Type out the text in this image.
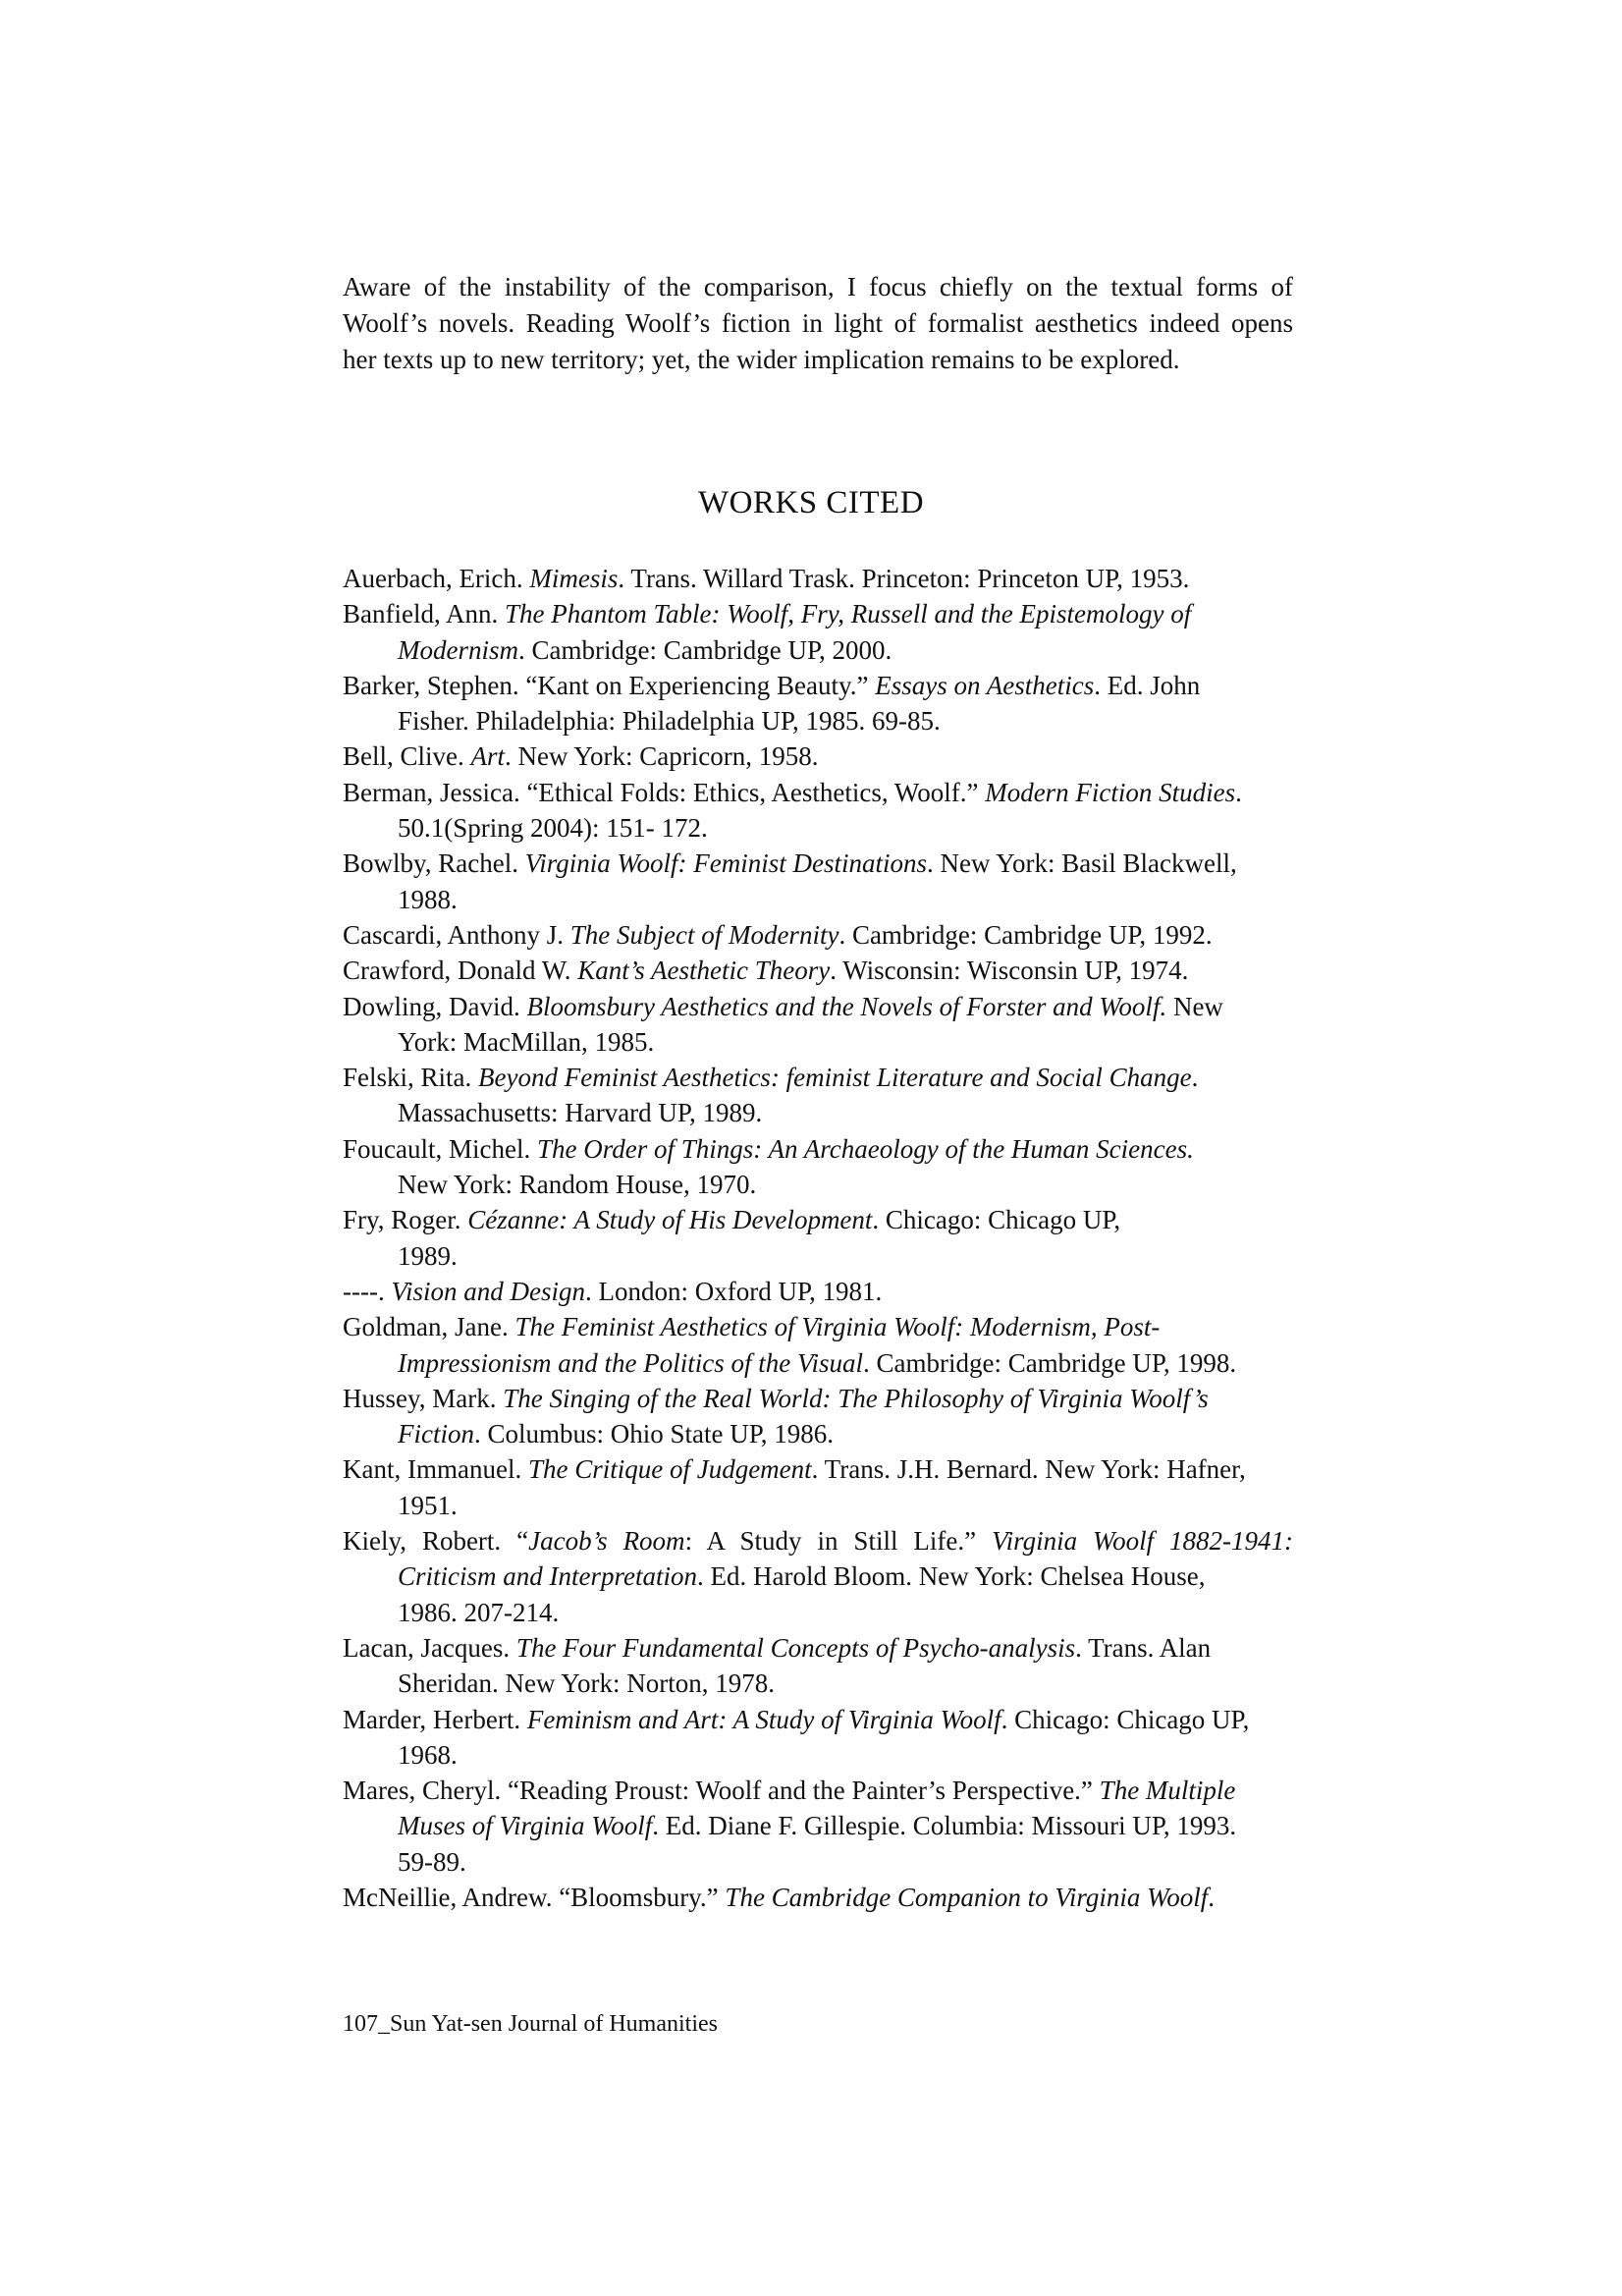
Aware of the instability of the comparison, I focus chiefly on the textual forms of
Woolf’s novels. Reading Woolf’s fiction in light of formalist aesthetics indeed opens
her texts up to new territory; yet, the wider implication remains to be explored.
WORKS CITED
Auerbach, Erich. Mimesis. Trans. Willard Trask. Princeton: Princeton UP, 1953.
Banfield, Ann. The Phantom Table: Woolf, Fry, Russell and the Epistemology of
Modernism. Cambridge: Cambridge UP, 2000.
Barker, Stephen. “Kant on Experiencing Beauty.” Essays on Aesthetics. Ed. John
Fisher. Philadelphia: Philadelphia UP, 1985. 69-85.
Bell, Clive. Art. New York: Capricorn, 1958.
Berman, Jessica. “Ethical Folds: Ethics, Aesthetics, Woolf.” Modern Fiction Studies.
50.1(Spring 2004): 151- 172.
Bowlby, Rachel. Virginia Woolf: Feminist Destinations. New York: Basil Blackwell,
1988.
Cascardi, Anthony J. The Subject of Modernity. Cambridge: Cambridge UP, 1992.
Crawford, Donald W. Kant’s Aesthetic Theory. Wisconsin: Wisconsin UP, 1974.
Dowling, David. Bloomsbury Aesthetics and the Novels of Forster and Woolf. New
York: MacMillan, 1985.
Felski, Rita. Beyond Feminist Aesthetics: feminist Literature and Social Change.
Massachusetts: Harvard UP, 1989.
Foucault, Michel. The Order of Things: An Archaeology of the Human Sciences.
New York: Random House, 1970.
Fry, Roger. Cézanne: A Study of His Development. Chicago: Chicago UP,
1989.
----. Vision and Design. London: Oxford UP, 1981.
Goldman, Jane. The Feminist Aesthetics of Virginia Woolf: Modernism, Post-
Impressionism and the Politics of the Visual. Cambridge: Cambridge UP, 1998.
Hussey, Mark. The Singing of the Real World: The Philosophy of Virginia Woolf’s
Fiction. Columbus: Ohio State UP, 1986.
Kant, Immanuel. The Critique of Judgement. Trans. J.H. Bernard. New York: Hafner,
1951.
Kiely, Robert. “Jacob’s Room: A Study in Still Life.” Virginia Woolf 1882-1941:
Criticism and Interpretation. Ed. Harold Bloom. New York: Chelsea House,
1986. 207-214.
Lacan, Jacques. The Four Fundamental Concepts of Psycho-analysis. Trans. Alan
Sheridan. New York: Norton, 1978.
Marder, Herbert. Feminism and Art: A Study of Virginia Woolf. Chicago: Chicago UP,
1968.
Mares, Cheryl. “Reading Proust: Woolf and the Painter’s Perspective.” The Multiple
Muses of Virginia Woolf. Ed. Diane F. Gillespie. Columbia: Missouri UP, 1993.
59-89.
McNeillie, Andrew. “Bloomsbury.” The Cambridge Companion to Virginia Woolf.

107_Sun Yat-sen Journal of Humanities
